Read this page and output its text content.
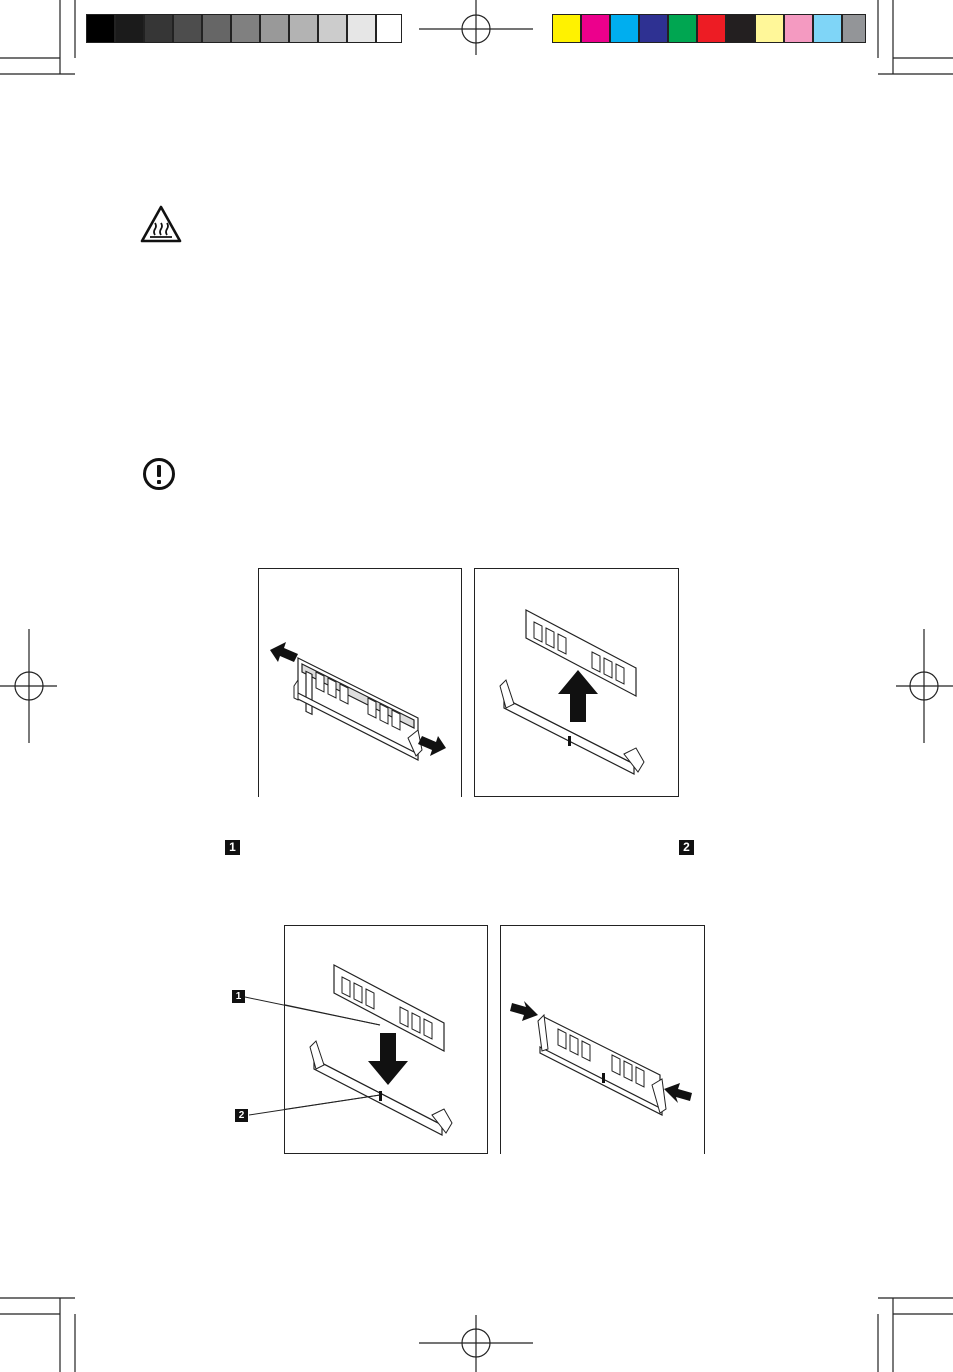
1	2
1
2
